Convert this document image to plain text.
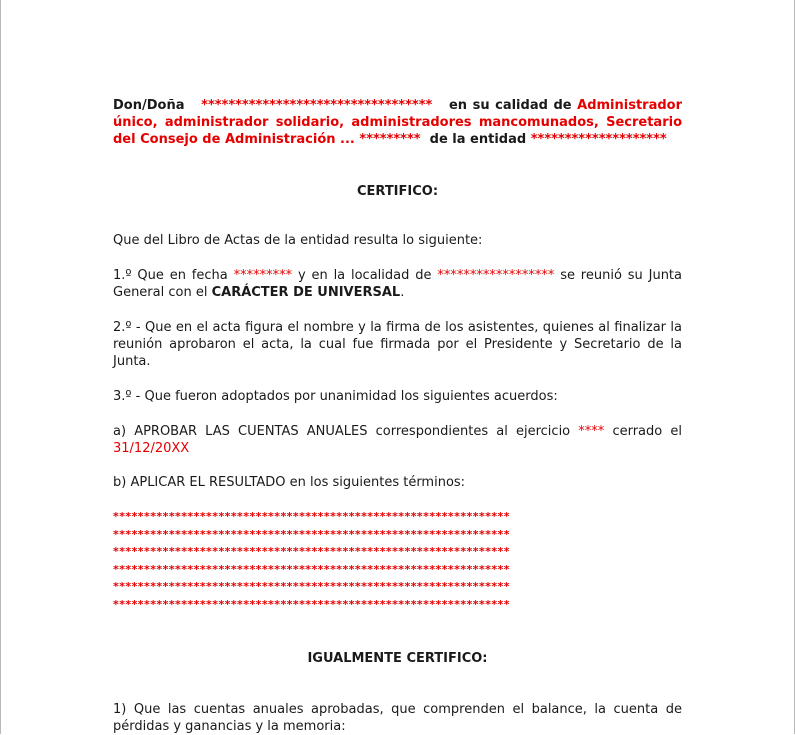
Don/Doña ********************************** en su calidad de Administrador único, administrador solidario, administradores mancomunados, Secretario del Consejo de Administración ... ********* de la entidad ********************

CERTIFICO:

Que del Libro de Actas de la entidad resulta lo siguiente:

1.º Que en fecha ********* y en la localidad de ****************** se reunió su Junta General con el CARÁCTER DE UNIVERSAL.

2.º - Que en el acta figura el nombre y la firma de los asistentes, quienes al finalizar la reunión aprobaron el acta, la cual fue firmada por el Presidente y Secretario de la Junta.

3.º - Que fueron adoptados por unanimidad los siguientes acuerdos:

a) APROBAR LAS CUENTAS ANUALES correspondientes al ejercicio **** cerrado el 31/12/20XX

b) APLICAR EL RESULTADO en los siguientes términos:

****************************************************************

****************************************************************

****************************************************************

****************************************************************

****************************************************************

****************************************************************

IGUALMENTE CERTIFICO:

1) Que las cuentas anuales aprobadas, que comprenden el balance, la cuenta de pérdidas y ganancias y la memoria:
